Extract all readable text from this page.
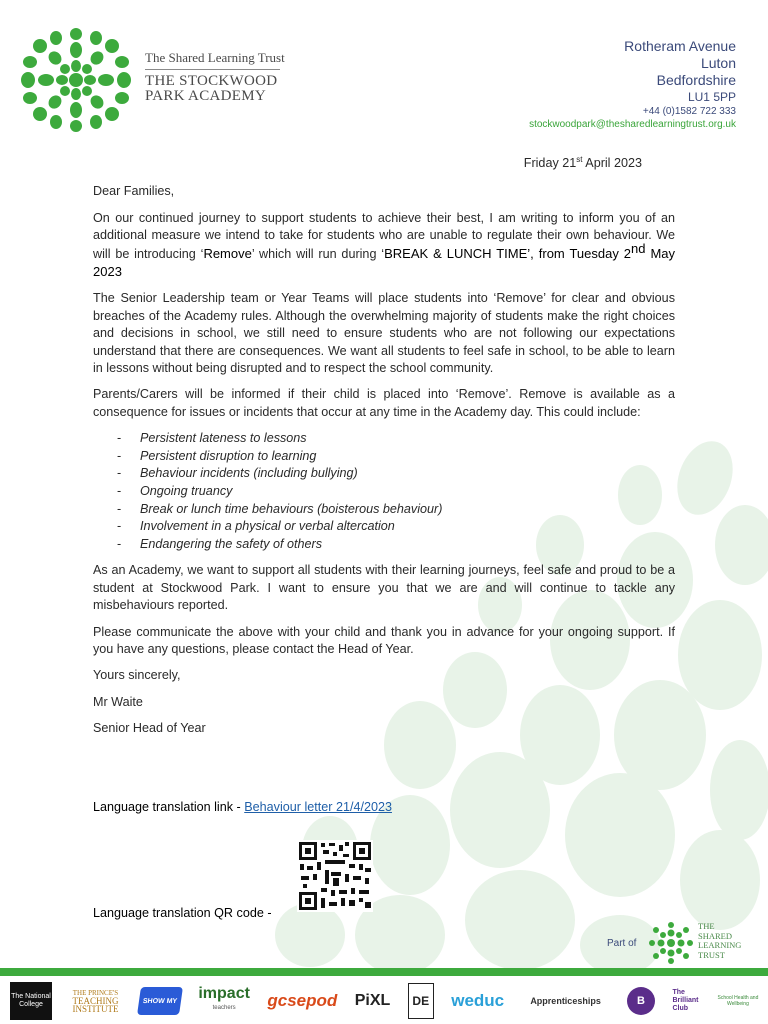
The Shared Learning Trust
THE STOCKWOOD
PARK ACADEMY
Rotheram Avenue
Luton
Bedfordshire
LU1 5PP
+44 (0)1582 722 333
stockwoodpark@thesharedlearningtrust.org.uk
Friday 21st April 2023

Dear Families,

On our continued journey to support students to achieve their best, I am writing to inform you of an additional measure we intend to take for students who are unable to regulate their own behaviour. We will be introducing ‘Remove’ which will run during ‘BREAK & LUNCH TIME’, from Tuesday 2nd May 2023

The Senior Leadership team or Year Teams will place students into ‘Remove’ for clear and obvious breaches of the Academy rules. Although the overwhelming majority of students make the right choices and decisions in school, we still need to ensure students who are not following our expectations understand that there are consequences. We want all students to feel safe in school, to be able to learn in lessons without being disrupted and to respect the school community.

Parents/Carers will be informed if their child is placed into ‘Remove’. Remove is available as a consequence for issues or incidents that occur at any time in the Academy day. This could include:

- Persistent lateness to lessons
- Persistent disruption to learning
- Behaviour incidents (including bullying)
- Ongoing truancy
- Break or lunch time behaviours (boisterous behaviour)
- Involvement in a physical or verbal altercation
- Endangering the safety of others

As an Academy, we want to support all students with their learning journeys, feel safe and proud to be a student at Stockwood Park. I want to ensure you that we are and will continue to tackle any misbehaviours reported.

Please communicate the above with your child and thank you in advance for your ongoing support. If you have any questions, please contact the Head of Year.

Yours sincerely,

Mr Waite

Senior Head of Year

Language translation link - Behaviour letter 21/4/2023
Language translation QR code -
Part of
THE
SHARED
LEARNING
TRUST
The National College
THE PRINCE'S
TEACHING
INSTITUTE
SHOW MY	impact
teachers gcsepod PiXL	DE weduc	Apprenticeships	B
The Brilliant Club
School Health and Wellbeing
